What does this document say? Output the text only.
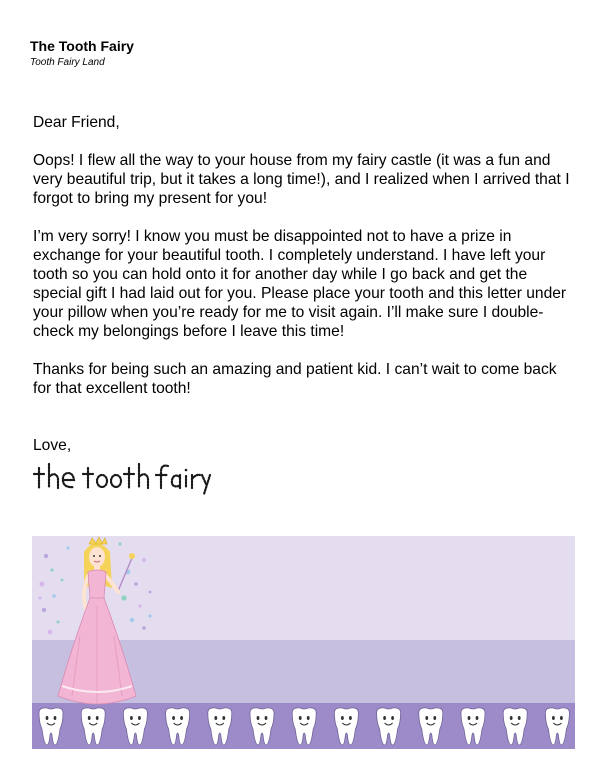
The Tooth Fairy
Tooth Fairy Land

Dear Friend,

Oops! I flew all the way to your house from my fairy castle (it was a fun and very beautiful trip, but it takes a long time!), and I realized when I arrived that I forgot to bring my present for you!

I’m very sorry! I know you must be disappointed not to have a prize in exchange for your beautiful tooth. I completely understand. I have left your tooth so you can hold onto it for another day while I go back and get the special gift I had laid out for you. Please place your tooth and this letter under your pillow when you’re ready for me to visit again. I’ll make sure I double-check my belongings before I leave this time!

Thanks for being such an amazing and patient kid. I can’t wait to come back for that excellent tooth!

Love,
